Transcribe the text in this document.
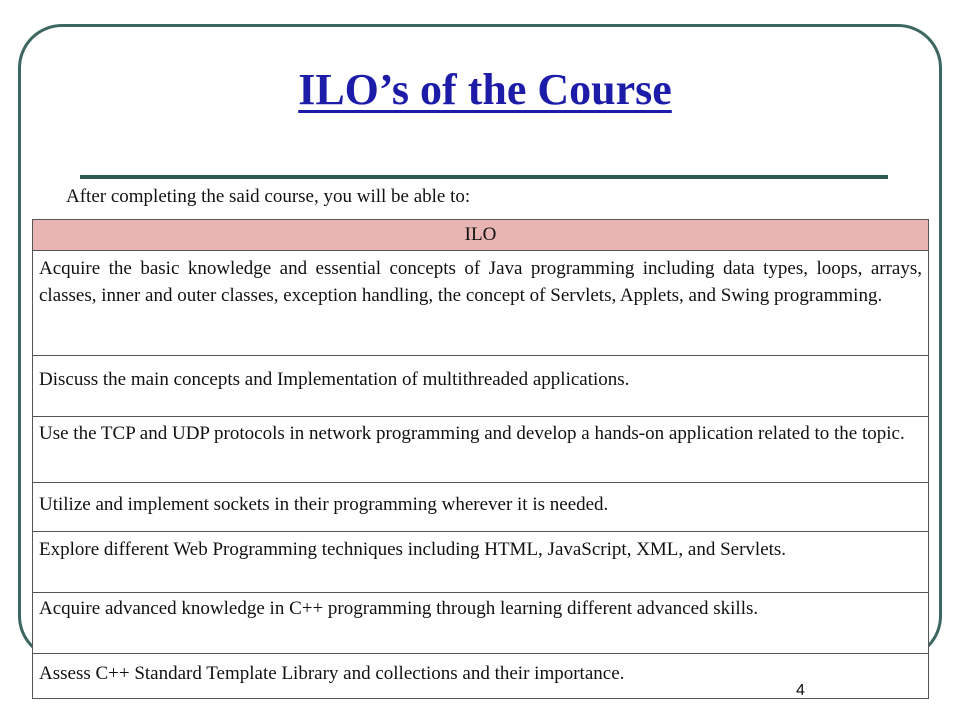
ILO’s of the Course
After completing the said course, you will be able to:
ILO
Acquire the basic knowledge and essential concepts of Java programming including data types, loops, arrays, classes, inner and outer classes, exception handling, the concept of Servlets, Applets, and Swing programming.
Discuss the main concepts and Implementation of multithreaded applications.
Use the TCP and UDP protocols in network programming and develop a hands-on application related to the topic.
Utilize and implement sockets in their programming wherever it is needed.
Explore different Web Programming techniques including HTML, JavaScript, XML, and Servlets.
Acquire advanced knowledge in C++ programming through learning different advanced skills.
Assess C++ Standard Template Library and collections and their importance.
4
